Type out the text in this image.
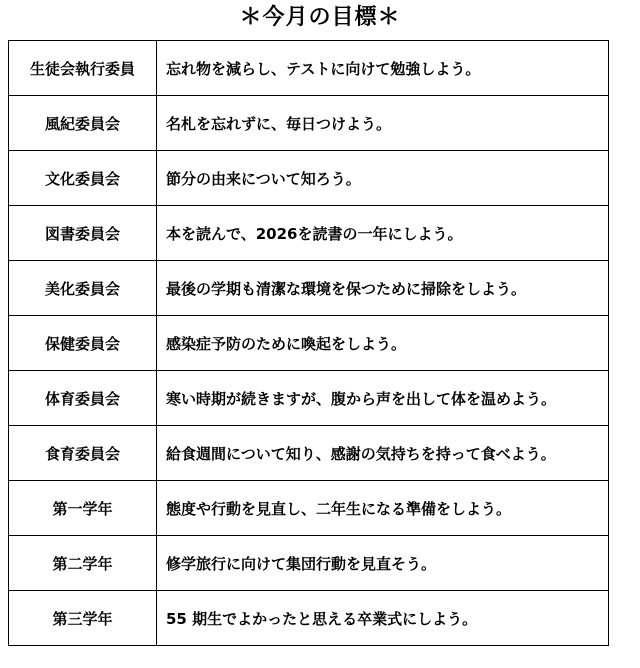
＊今月の目標＊
生徒会執行委員	忘れ物を減らし、テストに向けて勉強しよう。
風紀委員会	名札を忘れずに、毎日つけよう。
文化委員会	節分の由来について知ろう。
図書委員会	本を読んで、2026を読書の一年にしよう。
美化委員会	最後の学期も清潔な環境を保つために掃除をしよう。
保健委員会	感染症予防のために喚起をしよう。
体育委員会	寒い時期が続きますが、腹から声を出して体を温めよう。
食育委員会	給食週間について知り、感謝の気持ちを持って食べよう。
第一学年	態度や行動を見直し、二年生になる準備をしよう。
第二学年	修学旅行に向けて集団行動を見直そう。
第三学年	55 期生でよかったと思える卒業式にしよう。
